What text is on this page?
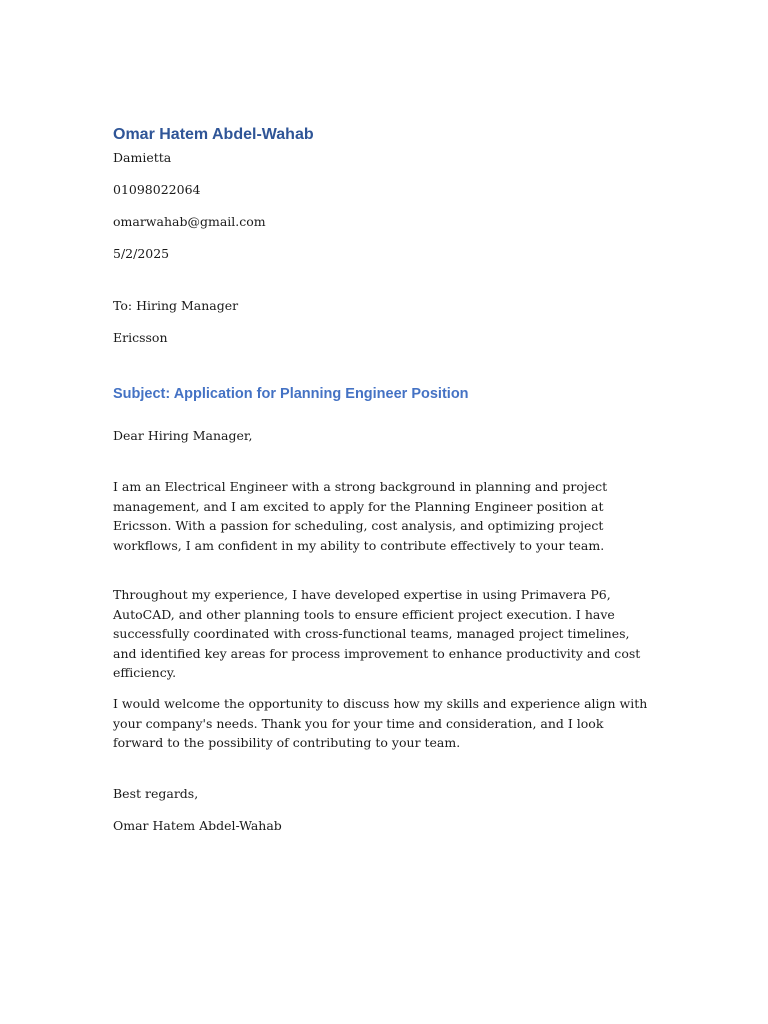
Omar Hatem Abdel-Wahab

Damietta

01098022064

omarwahab@gmail.com

5/2/2025

To: Hiring Manager

Ericsson

Subject: Application for Planning Engineer Position

Dear Hiring Manager,

I am an Electrical Engineer with a strong background in planning and project management, and I am excited to apply for the Planning Engineer position at Ericsson. With a passion for scheduling, cost analysis, and optimizing project workflows, I am confident in my ability to contribute effectively to your team.

Throughout my experience, I have developed expertise in using Primavera P6, AutoCAD, and other planning tools to ensure efficient project execution. I have successfully coordinated with cross-functional teams, managed project timelines, and identified key areas for process improvement to enhance productivity and cost efficiency.

I would welcome the opportunity to discuss how my skills and experience align with your company's needs. Thank you for your time and consideration, and I look forward to the possibility of contributing to your team.

Best regards,

Omar Hatem Abdel-Wahab
